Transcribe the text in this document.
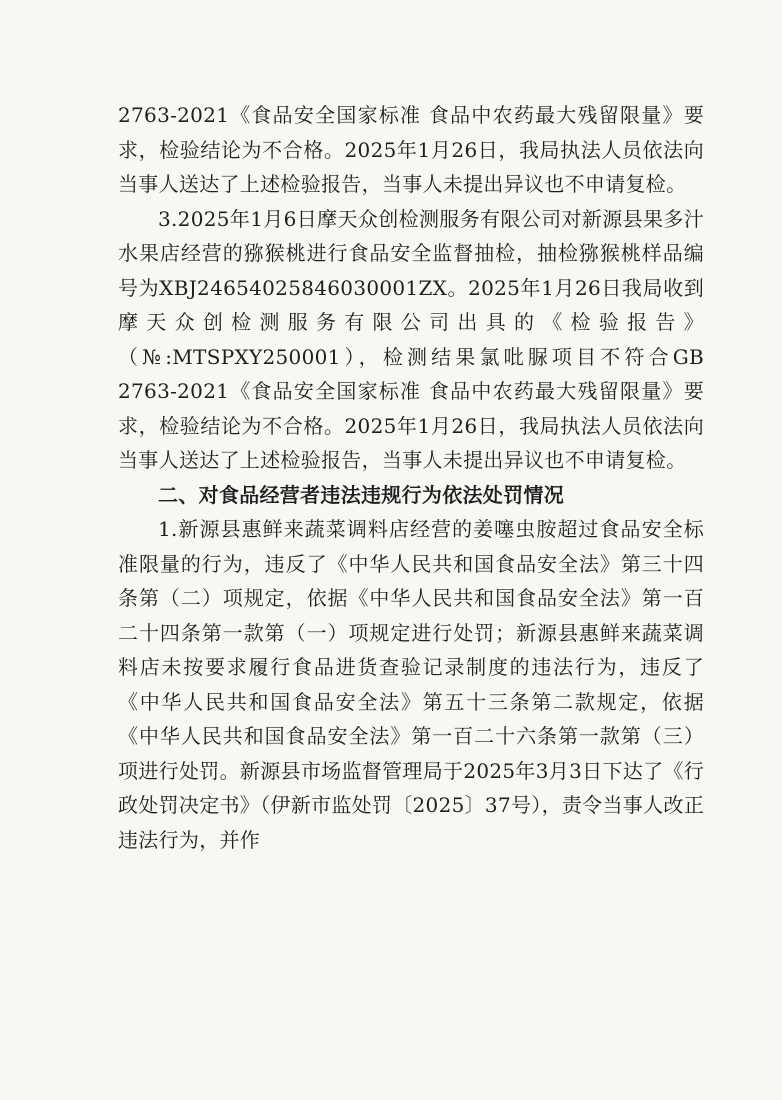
2763-2021《食品安全国家标准 食品中农药最大残留限量》要求，检验结论为不合格。2025年1月26日，我局执法人员依法向当事人送达了上述检验报告，当事人未提出异议也不申请复检。

3.2025年1月6日摩天众创检测服务有限公司对新源县果多汁水果店经营的猕猴桃进行食品安全监督抽检，抽检猕猴桃样品编号为XBJ24654025846030001ZX。2025年1月26日我局收到摩天众创检测服务有限公司出具的《检验报告》（№:MTSPXY250001），检测结果氯吡脲项目不符合GB 2763-2021《食品安全国家标准 食品中农药最大残留限量》要求，检验结论为不合格。2025年1月26日，我局执法人员依法向当事人送达了上述检验报告，当事人未提出异议也不申请复检。

二、对食品经营者违法违规行为依法处罚情况

1.新源县惠鲜来蔬菜调料店经营的姜噻虫胺超过食品安全标准限量的行为，违反了《中华人民共和国食品安全法》第三十四条第（二）项规定，依据《中华人民共和国食品安全法》第一百二十四条第一款第（一）项规定进行处罚；新源县惠鲜来蔬菜调料店未按要求履行食品进货查验记录制度的违法行为，违反了《中华人民共和国食品安全法》第五十三条第二款规定，依据《中华人民共和国食品安全法》第一百二十六条第一款第（三）项进行处罚。新源县市场监督管理局于2025年3月3日下达了《行政处罚决定书》（伊新市监处罚〔2025〕37号），责令当事人改正违法行为，并作
